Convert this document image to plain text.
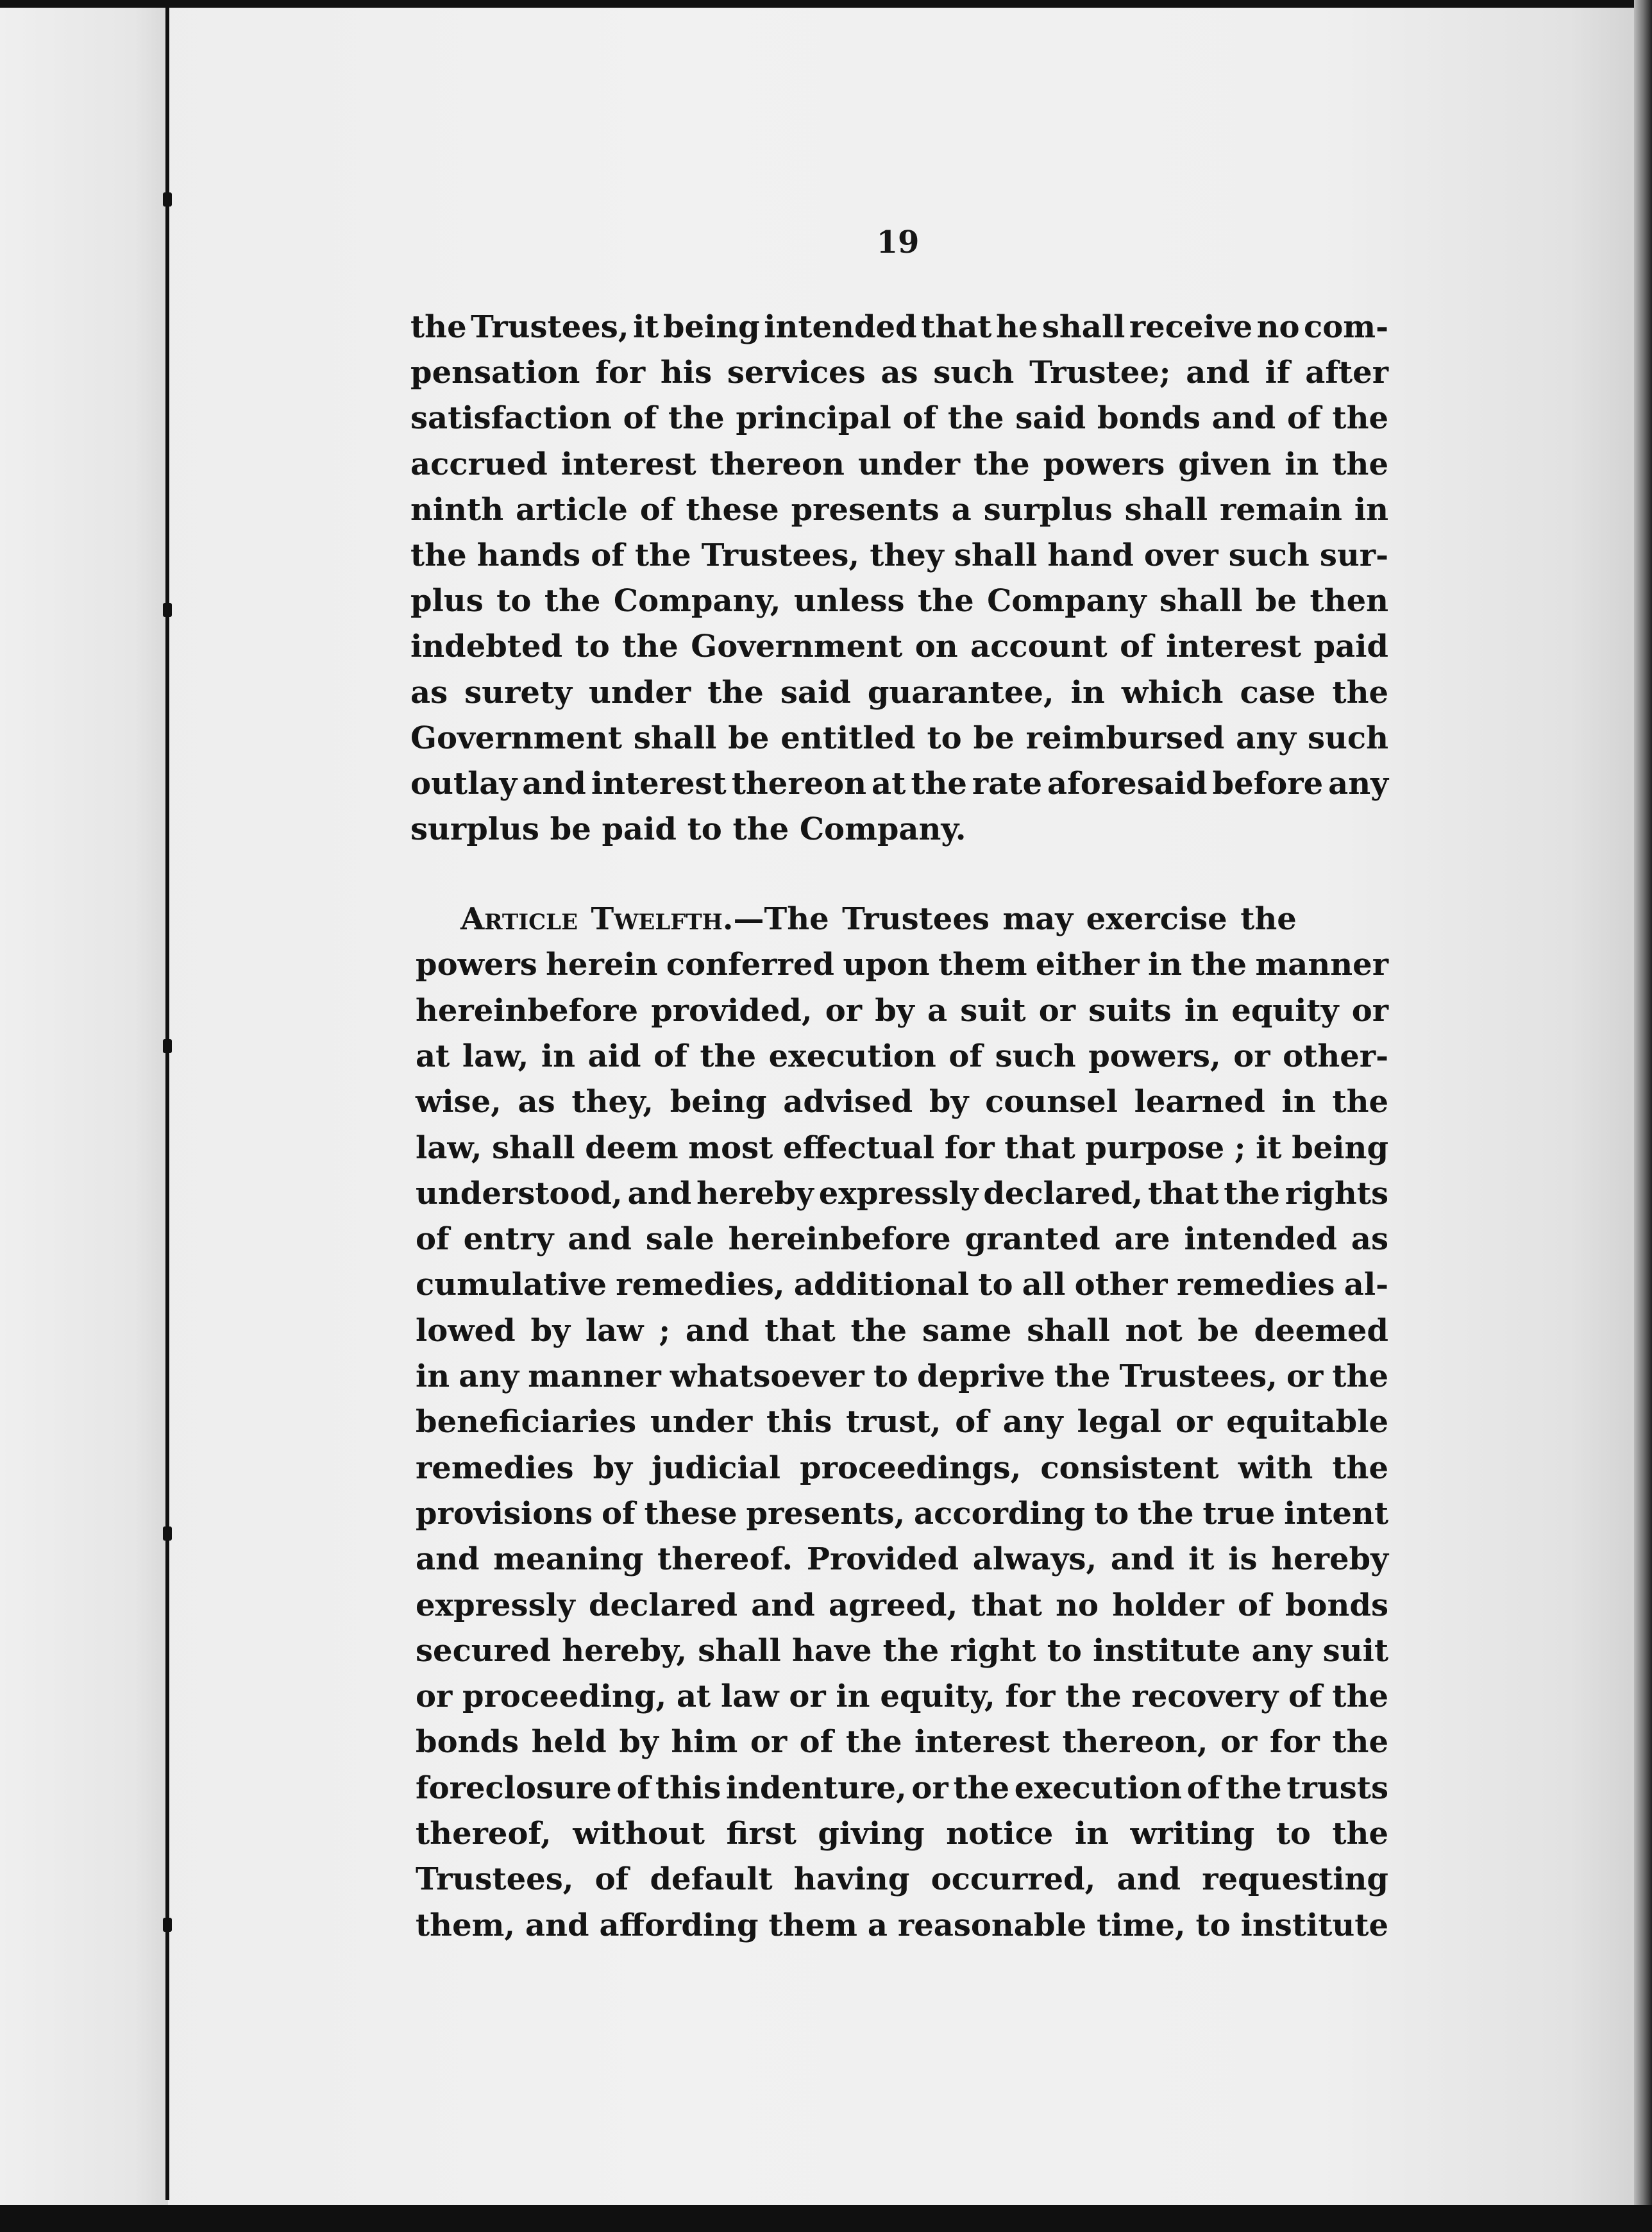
19
the Trustees, it being intended that he shall receive no com-
pensation for his services as such Trustee; and if after
satisfaction of the principal of the said bonds and of the
accrued interest thereon under the powers given in the
ninth article of these presents a surplus shall remain in
the hands of the Trustees, they shall hand over such sur-
plus to the Company, unless the Company shall be then
indebted to the Government on account of interest paid
as surety under the said guarantee, in which case the
Government shall be entitled to be reimbursed any such
outlay and interest thereon at the rate aforesaid before any
surplus be paid to the Company.
Article Twelfth.—The Trustees may exercise the
powers herein conferred upon them either in the manner
hereinbefore provided, or by a suit or suits in equity or
at law, in aid of the execution of such powers, or other-
wise, as they, being advised by counsel learned in the
law, shall deem most effectual for that purpose ; it being
understood, and hereby expressly declared, that the rights
of entry and sale hereinbefore granted are intended as
cumulative remedies, additional to all other remedies al-
lowed by law ; and that the same shall not be deemed
in any manner whatsoever to deprive the Trustees, or the
beneficiaries under this trust, of any legal or equitable
remedies by judicial proceedings, consistent with the
provisions of these presents, according to the true intent
and meaning thereof. Provided always, and it is hereby
expressly declared and agreed, that no holder of bonds
secured hereby, shall have the right to institute any suit
or proceeding, at law or in equity, for the recovery of the
bonds held by him or of the interest thereon, or for the
foreclosure of this indenture, or the execution of the trusts
thereof, without first giving notice in writing to the
Trustees, of default having occurred, and requesting
them, and affording them a reasonable time, to institute
